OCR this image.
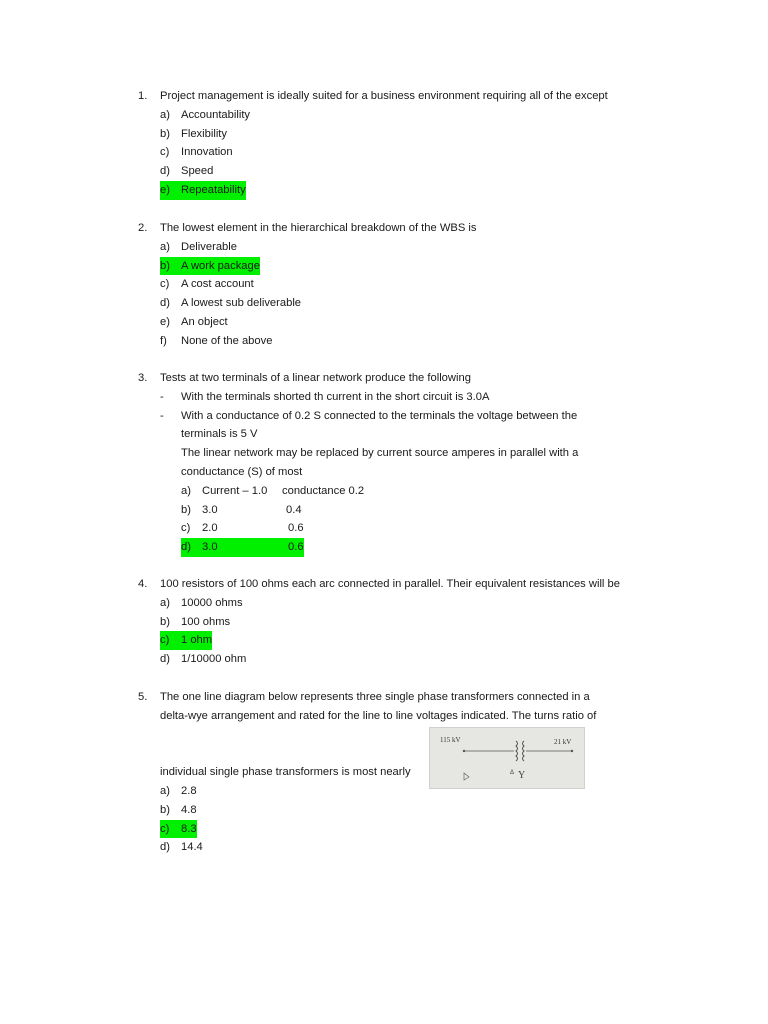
1. Project management is ideally suited for a business environment requiring all of the except
a) Accountability
b) Flexibility
c) Innovation
d) Speed
e) Repeatability
2. The lowest element in the hierarchical breakdown of the WBS is
a) Deliverable
b) A work package
c) A cost account
d) A lowest sub deliverable
e) An object
f) None of the above
3. Tests at two terminals of a linear network produce the following
- With the terminals shorted th current in the short circuit is 3.0A
- With a conductance of 0.2 S connected to the terminals the voltage between the
terminals is 5 V
The linear network may be replaced by current source amperes in parallel with a
conductance (S) of most
a) Current – 1.0 conductance 0.2
b) 3.0	0.4
c) 2.0	0.6
d) 3.0	0.6
4. 100 resistors of 100 ohms each arc connected in parallel. Their equivalent resistances will be
a) 10000 ohms
b) 100 ohms
c) 1 ohm
d) 1/10000 ohm
5. The one line diagram below represents three single phase transformers connected in a
delta-wye arrangement and rated for the line to line voltages indicated. The turns ratio of
individual single phase transformers is most nearly
a) 2.8
b) 4.8
c) 8.3
d) 14.4
115 kV	21 kV
Δ Y
